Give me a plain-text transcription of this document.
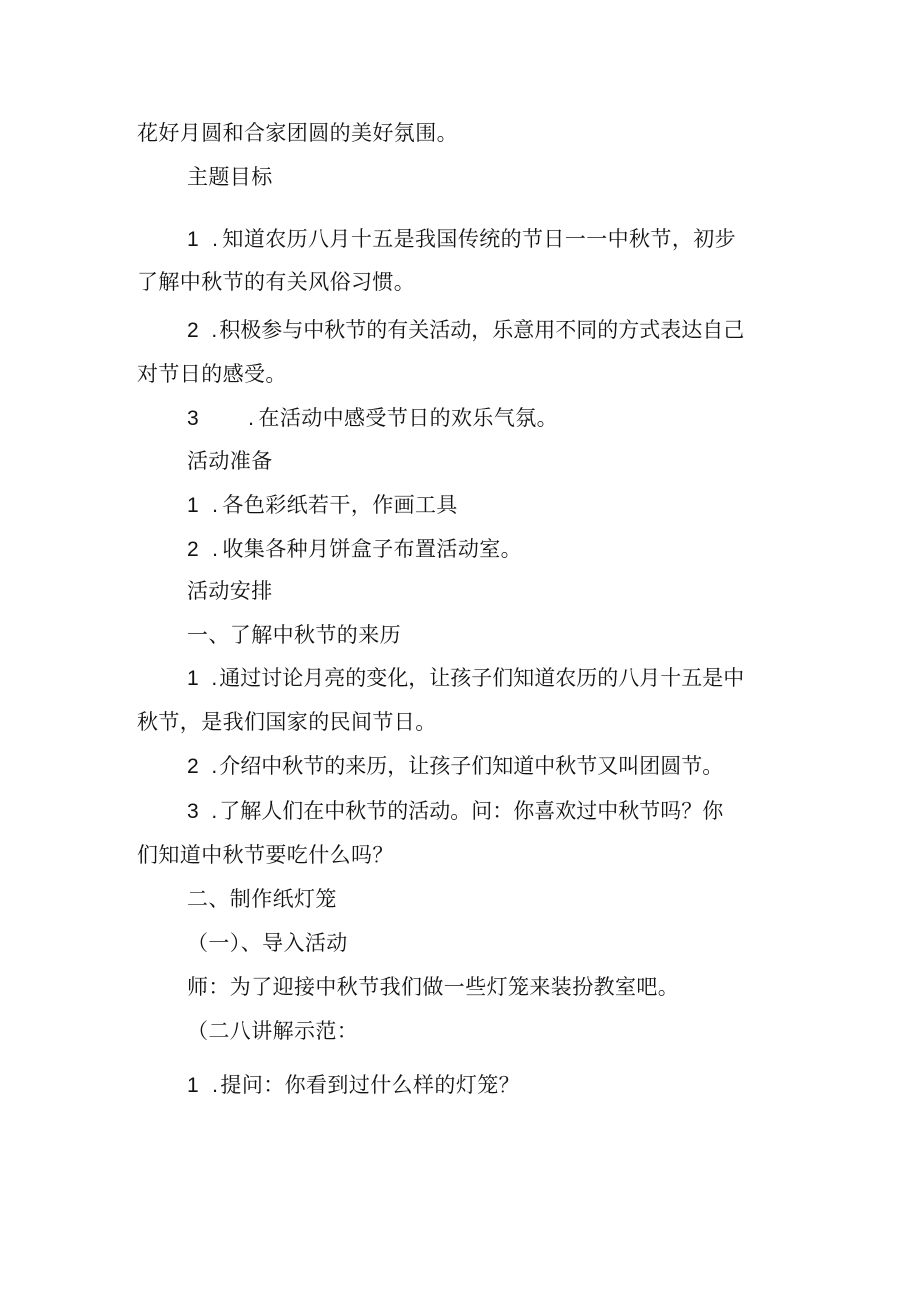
花好月圆和合家团圆的美好氛围。
主题目标
1 . 知道农历八月十五是我国传统的节日一一中秋节，初步
了解中秋节的有关风俗习惯。
2 .积极参与中秋节的有关活动，乐意用不同的方式表达自己
对节日的感受。
3 . 在活动中感受节日的欢乐气氛。
活动准备
1 . 各色彩纸若干，作画工具
2 . 收集各种月饼盒子布置活动室。
活动安排
一、了解中秋节的来历
1 .通过讨论月亮的变化，让孩子们知道农历的八月十五是中
秋节，是我们国家的民间节日。
2 .介绍中秋节的来历，让孩子们知道中秋节又叫团圆节。
3 .了解人们在中秋节的活动。问：你喜欢过中秋节吗？你
们知道中秋节要吃什么吗？
二、制作纸灯笼
（一）、导入活动
师：为了迎接中秋节我们做一些灯笼来装扮教室吧。
（二八讲解示范：
1 .提问：你看到过什么样的灯笼？
